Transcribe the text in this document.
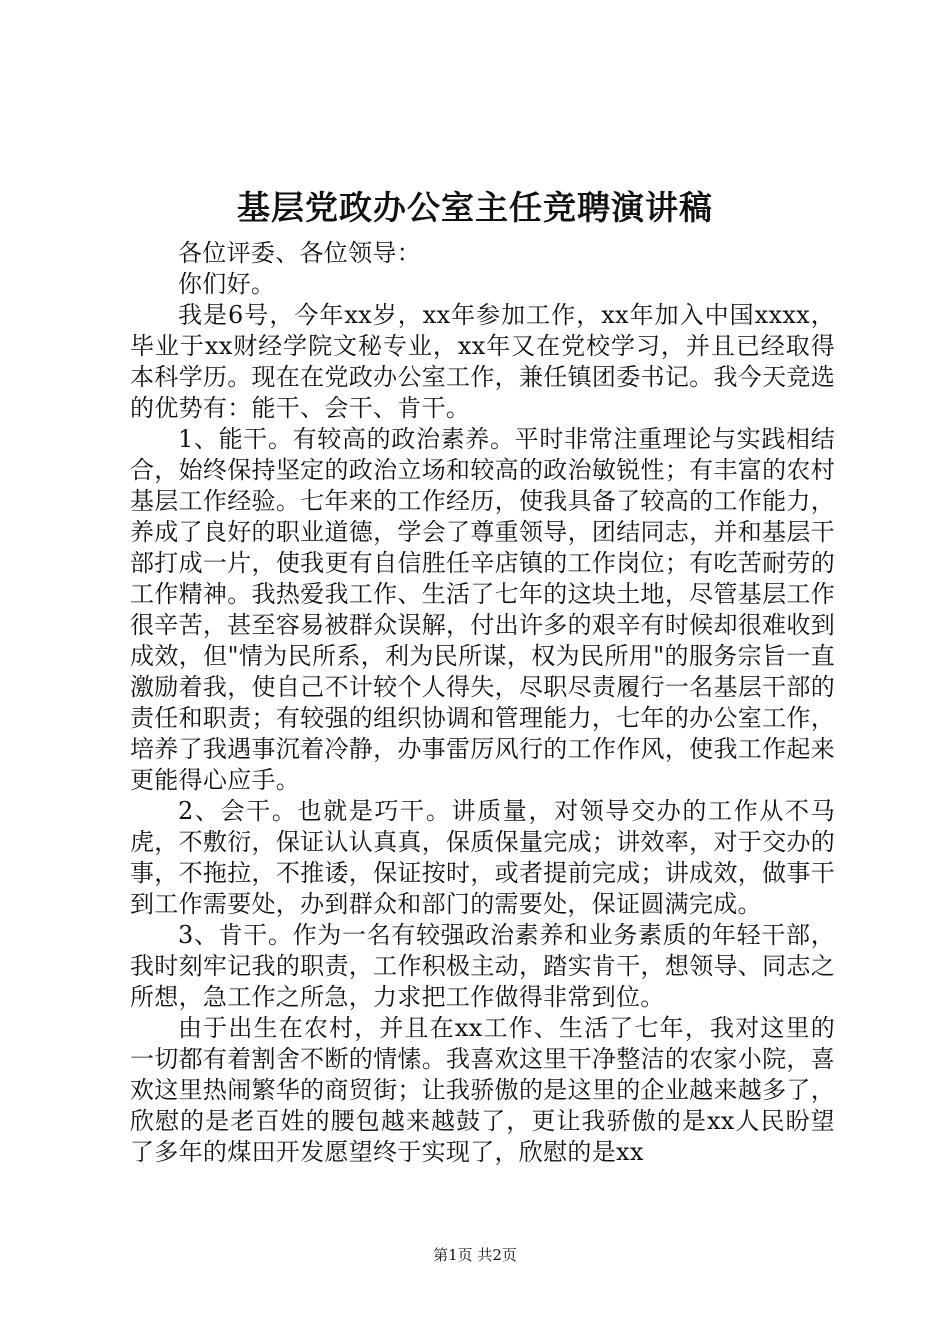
基层党政办公室主任竞聘演讲稿

各位评委、各位领导：

你们好。

我是6号，今年xx岁，xx年参加工作，xx年加入中国xxxx，毕业于xx财经学院文秘专业，xx年又在党校学习，并且已经取得本科学历。现在在党政办公室工作，兼任镇团委书记。我今天竞选的优势有：能干、会干、肯干。

1、能干。有较高的政治素养。平时非常注重理论与实践相结合，始终保持坚定的政治立场和较高的政治敏锐性；有丰富的农村基层工作经验。七年来的工作经历，使我具备了较高的工作能力，养成了良好的职业道德，学会了尊重领导，团结同志，并和基层干部打成一片，使我更有自信胜任辛店镇的工作岗位；有吃苦耐劳的工作精神。我热爱我工作、生活了七年的这块土地，尽管基层工作很辛苦，甚至容易被群众误解，付出许多的艰辛有时候却很难收到成效，但"情为民所系，利为民所谋，权为民所用"的服务宗旨一直激励着我，使自己不计较个人得失，尽职尽责履行一名基层干部的责任和职责；有较强的组织协调和管理能力，七年的办公室工作，培养了我遇事沉着冷静，办事雷厉风行的工作作风，使我工作起来更能得心应手。

2、会干。也就是巧干。讲质量，对领导交办的工作从不马虎，不敷衍，保证认认真真，保质保量完成；讲效率，对于交办的事，不拖拉，不推诿，保证按时，或者提前完成；讲成效，做事干到工作需要处，办到群众和部门的需要处，保证圆满完成。

3、肯干。作为一名有较强政治素养和业务素质的年轻干部，我时刻牢记我的职责，工作积极主动，踏实肯干，想领导、同志之所想，急工作之所急，力求把工作做得非常到位。

由于出生在农村，并且在xx工作、生活了七年，我对这里的一切都有着割舍不断的情愫。我喜欢这里干净整洁的农家小院，喜欢这里热闹繁华的商贸街；让我骄傲的是这里的企业越来越多了，欣慰的是老百姓的腰包越来越鼓了，更让我骄傲的是xx人民盼望了多年的煤田开发愿望终于实现了，欣慰的是xx

第1页 共2页
